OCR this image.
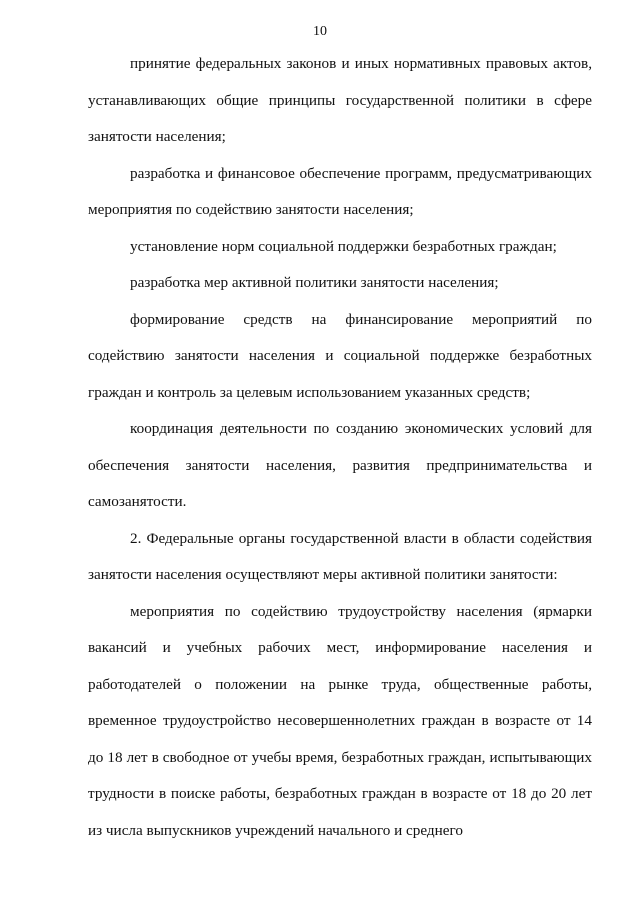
10

принятие федеральных законов и иных нормативных правовых актов, устанавливающих общие принципы государственной политики в сфере занятости населения;

разработка и финансовое обеспечение программ, предусматривающих мероприятия по содействию занятости населения;

установление норм социальной поддержки безработных граждан;

разработка мер активной политики занятости населения;

формирование средств на финансирование мероприятий по содействию занятости населения и социальной поддержке безработных граждан и контроль за целевым использованием указанных средств;

координация деятельности по созданию экономических условий для обеспечения занятости населения, развития предпринимательства и самозанятости.

2. Федеральные органы государственной власти в области содействия занятости населения осуществляют меры активной политики занятости:

мероприятия по содействию трудоустройству населения (ярмарки вакансий и учебных рабочих мест, информирование населения и работодателей о положении на рынке труда, общественные работы, временное трудоустройство несовершеннолетних граждан в возрасте от 14 до 18 лет в свободное от учебы время, безработных граждан, испытывающих трудности в поиске работы, безработных граждан в возрасте от 18 до 20 лет из числа выпускников учреждений начального и среднего
